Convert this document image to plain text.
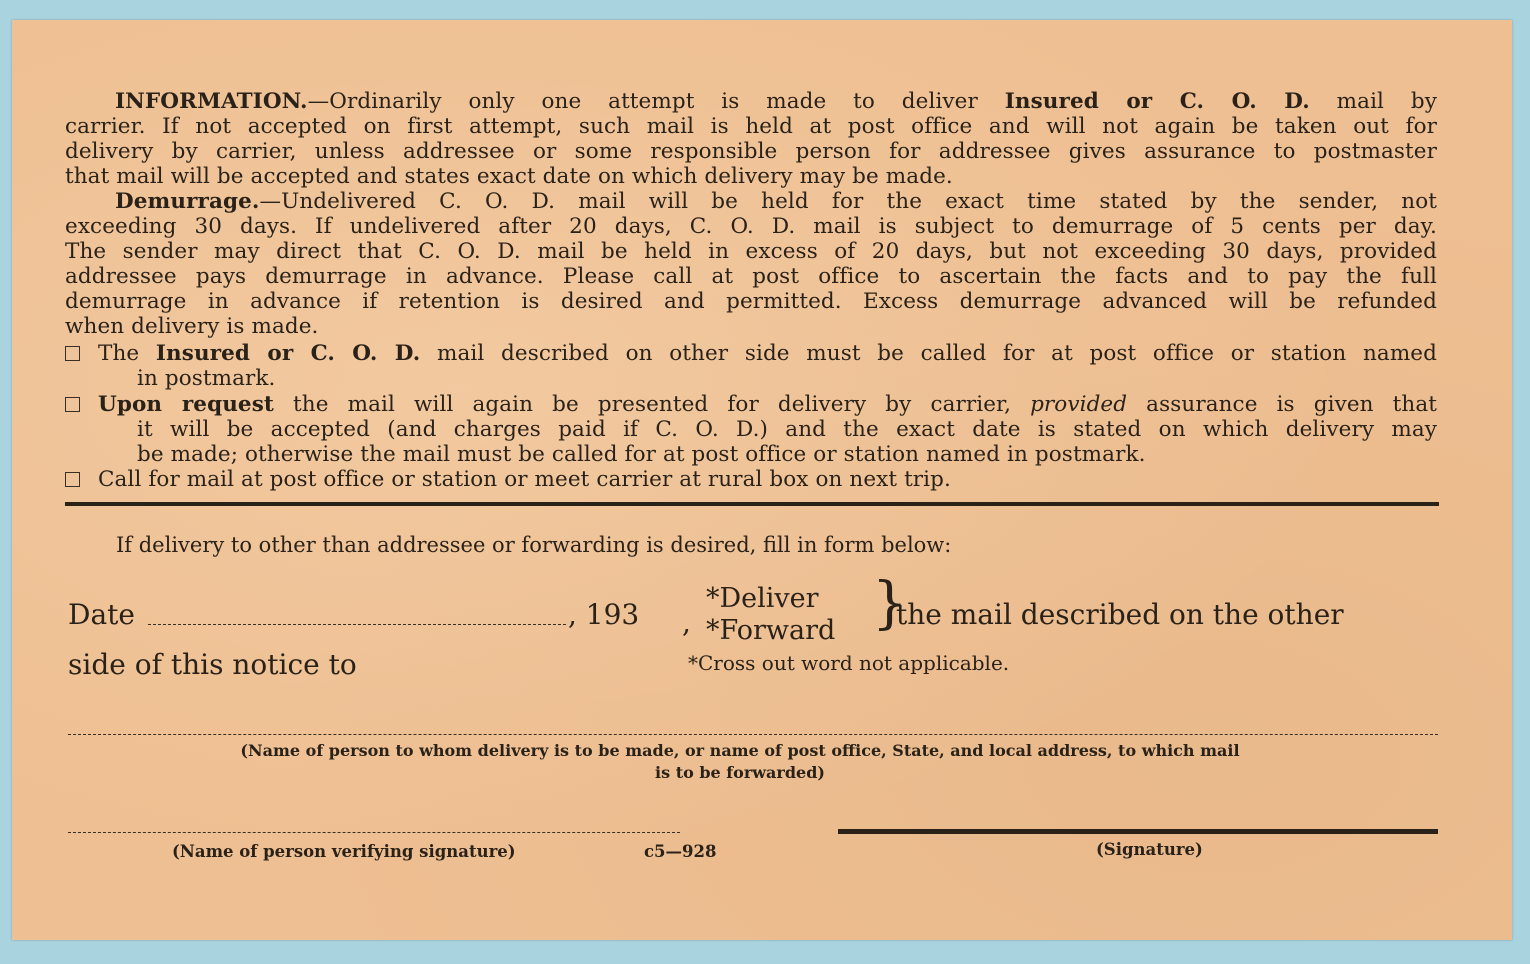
INFORMATION.—Ordinarily only one attempt is made to deliver Insured or C. O. D. mail by
carrier. If not accepted on first attempt, such mail is held at post office and will not again be taken out for
delivery by carrier, unless addressee or some responsible person for addressee gives assurance to postmaster
that mail will be accepted and states exact date on which delivery may be made.
Demurrage.—Undelivered C. O. D. mail will be held for the exact time stated by the sender, not
exceeding 30 days. If undelivered after 20 days, C. O. D. mail is subject to demurrage of 5 cents per day.
The sender may direct that C. O. D. mail be held in excess of 20 days, but not exceeding 30 days, provided
addressee pays demurrage in advance. Please call at post office to ascertain the facts and to pay the full
demurrage in advance if retention is desired and permitted. Excess demurrage advanced will be refunded
when delivery is made.
The Insured or C. O. D. mail described on other side must be called for at post office or station named
in postmark.
Upon request the mail will again be presented for delivery by carrier, provided assurance is given that
it will be accepted (and charges paid if C. O. D.) and the exact date is stated on which delivery may
be made; otherwise the mail must be called for at post office or station named in postmark.
Call for mail at post office or station or meet carrier at rural box on next trip.
If delivery to other than addressee or forwarding is desired, fill in form below:
Date	, 193 ,
*Deliver
*Forward }
the mail described on the other
side of this notice to	*Cross out word not applicable.
(Name of person to whom delivery is to be made, or name of post office, State, and local address, to which mail
is to be forwarded)
(Name of person verifying signature)	c5—928	(Signature)
